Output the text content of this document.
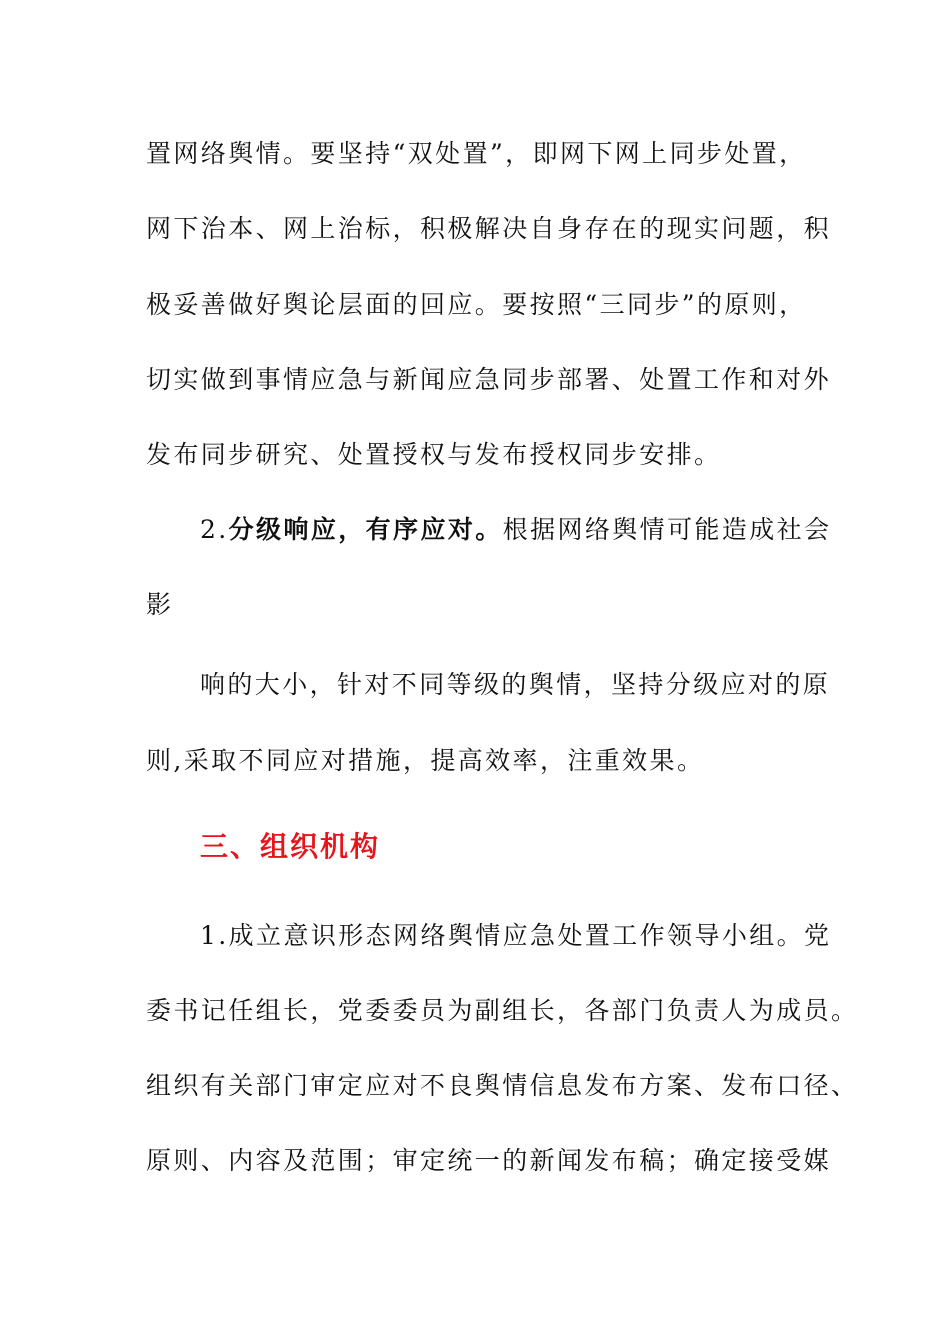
置网络舆情。要坚持“双处置”，即网下网上同步处置，
网下治本、网上治标，积极解决自身存在的现实问题，积
极妥善做好舆论层面的回应。要按照“三同步”的原则，
切实做到事情应急与新闻应急同步部署、处置工作和对外
发布同步研究、处置授权与发布授权同步安排。
2.分级响应，有序应对。根据网络舆情可能造成社会
影
响的大小，针对不同等级的舆情，坚持分级应对的原
则,采取不同应对措施，提高效率，注重效果。
三、组织机构
1.成立意识形态网络舆情应急处置工作领导小组。党
委书记任组长，党委委员为副组长，各部门负责人为成员。
组织有关部门审定应对不良舆情信息发布方案、发布口径、
原则、内容及范围；审定统一的新闻发布稿；确定接受媒
